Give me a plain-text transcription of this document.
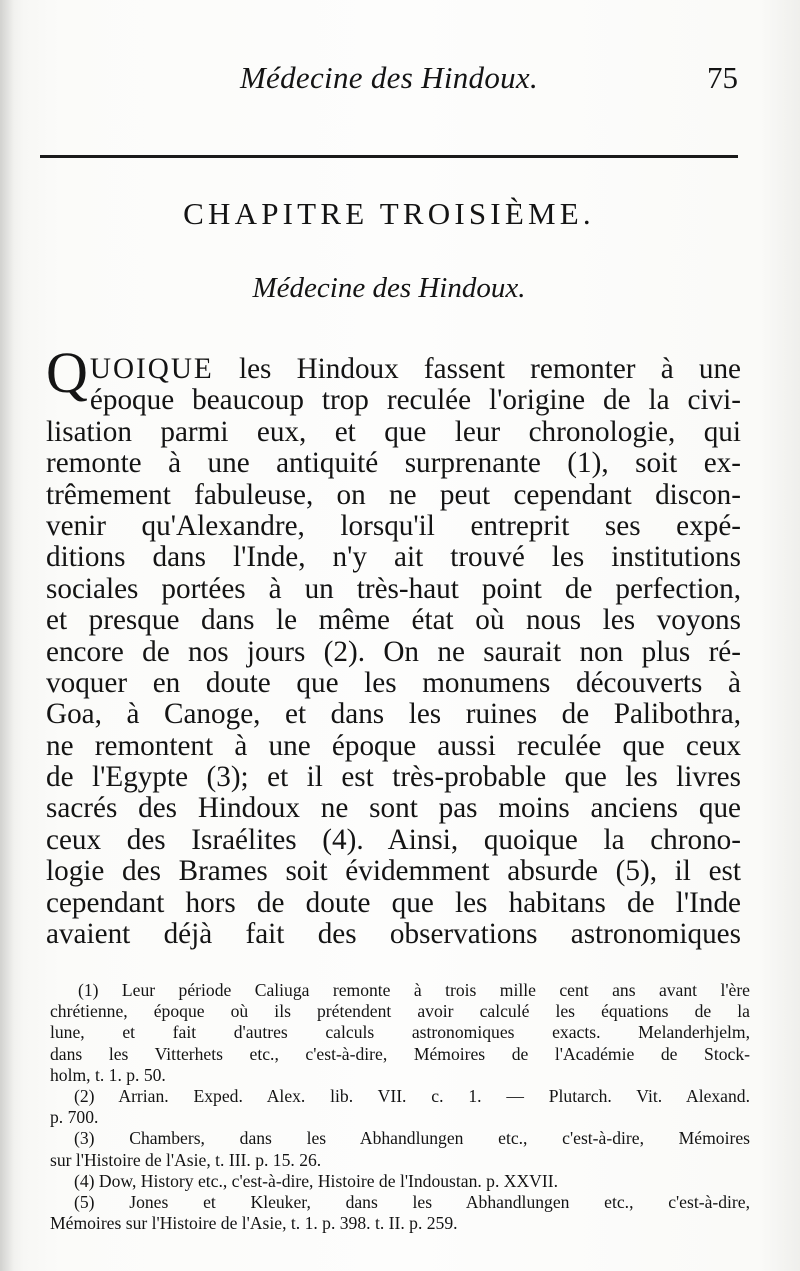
Médecine des Hindoux.	75
CHAPITRE TROISIÈME.
Médecine des Hindoux.
QUOIQUE les Hindoux fassent remonter à une
époque beaucoup trop reculée l'origine de la civi-
lisation parmi eux, et que leur chronologie, qui
remonte à une antiquité surprenante (1), soit ex-
trêmement fabuleuse, on ne peut cependant discon-
venir qu'Alexandre, lorsqu'il entreprit ses expé-
ditions dans l'Inde, n'y ait trouvé les institutions
sociales portées à un très-haut point de perfection,
et presque dans le même état où nous les voyons
encore de nos jours (2). On ne saurait non plus ré-
voquer en doute que les monumens découverts à
Goa, à Canoge, et dans les ruines de Palibothra,
ne remontent à une époque aussi reculée que ceux
de l'Egypte (3); et il est très-probable que les livres
sacrés des Hindoux ne sont pas moins anciens que
ceux des Israélites (4). Ainsi, quoique la chrono-
logie des Brames soit évidemment absurde (5), il est
cependant hors de doute que les habitans de l'Inde
avaient déjà fait des observations astronomiques
(1) Leur période Caliuga remonte à trois mille cent ans avant l'ère
chrétienne, époque où ils prétendent avoir calculé les équations de la
lune, et fait d'autres calculs astronomiques exacts. Melanderhjelm,
dans les Vitterhets etc., c'est-à-dire, Mémoires de l'Académie de Stock-
holm, t. 1. p. 50.
(2) Arrian. Exped. Alex. lib. VII. c. 1. — Plutarch. Vit. Alexand.
p. 700.
(3) Chambers, dans les Abhandlungen etc., c'est-à-dire, Mémoires
sur l'Histoire de l'Asie, t. III. p. 15. 26.
(4) Dow, History etc., c'est-à-dire, Histoire de l'Indoustan. p. XXVII.
(5) Jones et Kleuker, dans les Abhandlungen etc., c'est-à-dire,
Mémoires sur l'Histoire de l'Asie, t. 1. p. 398. t. II. p. 259.
